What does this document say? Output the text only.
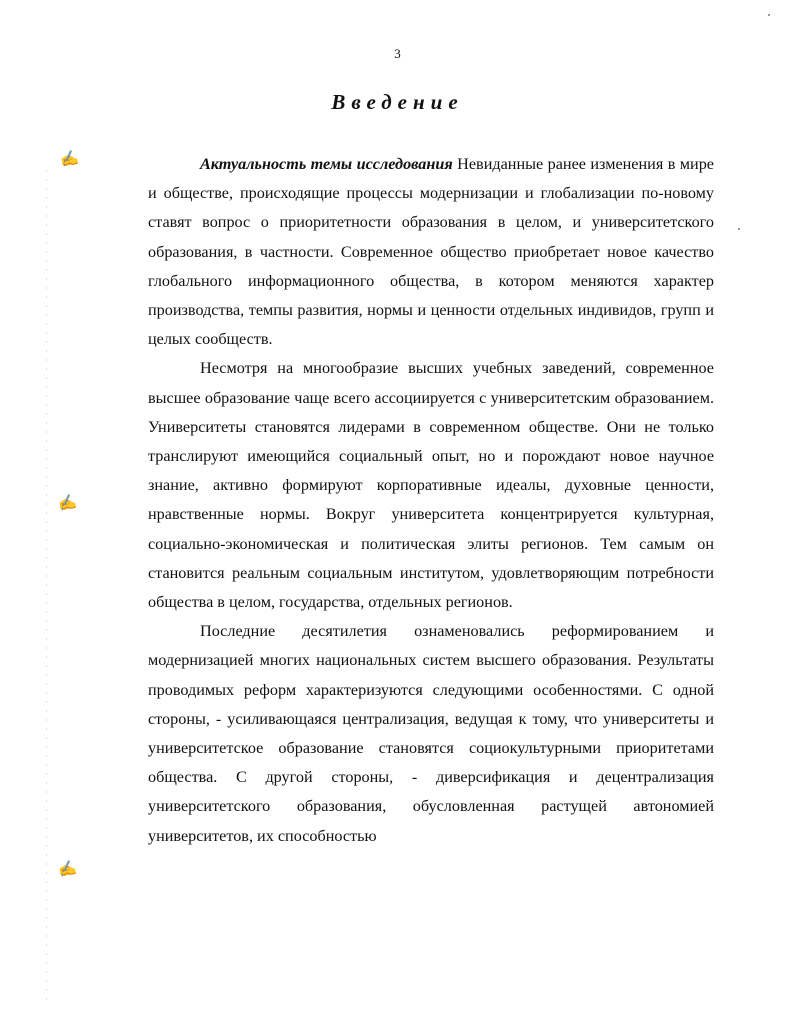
3
Введение
✍
✍
✍

Актуальность темы исследования Невиданные ранее изменения в мире и обществе, происходящие процессы модернизации и глобализации по-новому ставят вопрос о приоритетности образования в целом, и университетского образования, в частности. Современное общество приобретает новое качество глобального информационного общества, в котором меняются характер производства, темпы развития, нормы и ценности отдельных индивидов, групп и целых сообществ.

Несмотря на многообразие высших учебных заведений, современное высшее образование чаще всего ассоциируется с университетским образованием. Университеты становятся лидерами в современном обществе. Они не только транслируют имеющийся социальный опыт, но и порождают новое научное знание, активно формируют корпоративные идеалы, духовные ценности, нравственные нормы. Вокруг университета концентрируется культурная, социально-экономическая и политическая элиты регионов. Тем самым он становится реальным социальным институтом, удовлетворяющим потребности общества в целом, государства, отдельных регионов.

Последние десятилетия ознаменовались реформированием и модернизацией многих национальных систем высшего образования. Результаты проводимых реформ характеризуются следующими особенностями. С одной стороны, - усиливающаяся централизация, ведущая к тому, что университеты и университетское образование становятся социокультурными приоритетами общества. С другой стороны, - диверсификация и децентрализация университетского образования, обусловленная растущей автономией университетов, их способностью
